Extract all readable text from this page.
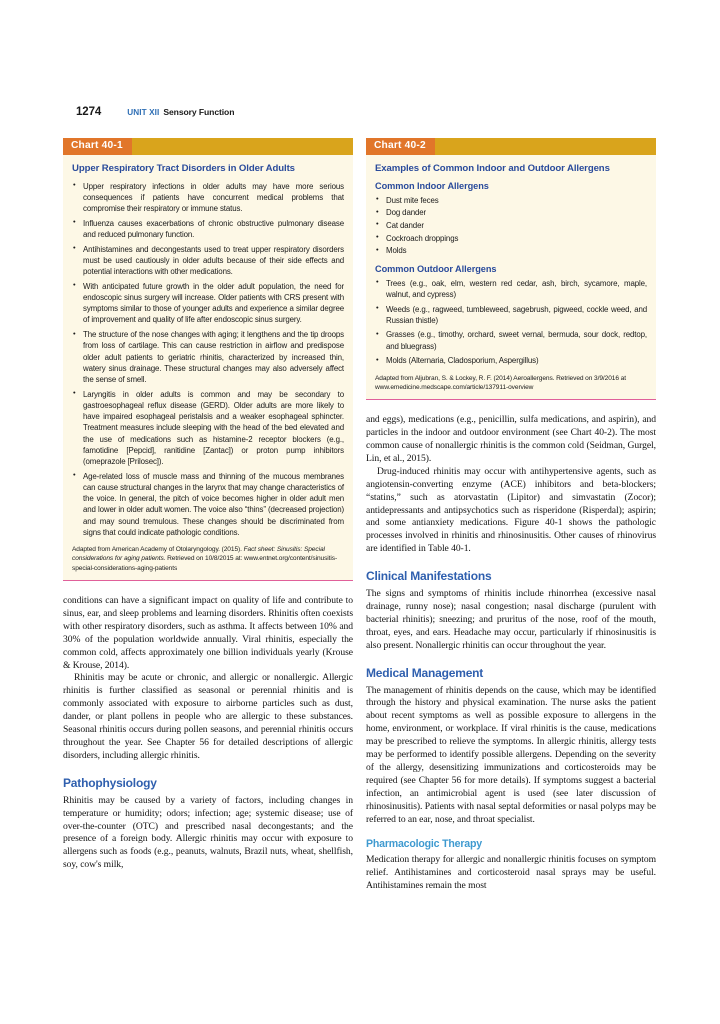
1274	UNIT XII Sensory Function
Chart 40-1
Upper Respiratory Tract Disorders in Older Adults
• Upper respiratory infections in older adults may have more serious consequences if patients have concurrent medical problems that compromise their respiratory or immune status.
• Influenza causes exacerbations of chronic obstructive pulmonary disease and reduced pulmonary function.
• Antihistamines and decongestants used to treat upper respiratory disorders must be used cautiously in older adults because of their side effects and potential interactions with other medications.
• With anticipated future growth in the older adult population, the need for endoscopic sinus surgery will increase. Older patients with CRS present with symptoms similar to those of younger adults and experience a similar degree of improvement and quality of life after endoscopic sinus surgery.
• The structure of the nose changes with aging; it lengthens and the tip droops from loss of cartilage. This can cause restriction in airflow and predispose older adult patients to geriatric rhinitis, characterized by increased thin, watery sinus drainage. These structural changes may also adversely affect the sense of smell.
• Laryngitis in older adults is common and may be secondary to gastroesophageal reflux disease (GERD). Older adults are more likely to have impaired esophageal peristalsis and a weaker esophageal sphincter. Treatment measures include sleeping with the head of the bed elevated and the use of medications such as histamine-2 receptor blockers (e.g., famotidine [Pepcid], ranitidine [Zantac]) or proton pump inhibitors (omeprazole [Prilosec]).
• Age-related loss of muscle mass and thinning of the mucous membranes can cause structural changes in the larynx that may change characteristics of the voice. In general, the pitch of voice becomes higher in older adult men and lower in older adult women. The voice also “thins” (decreased projection) and may sound tremulous. These changes should be discriminated from signs that could indicate pathologic conditions.
Adapted from American Academy of Otolaryngology. (2015). Fact sheet: Sinusitis: Special considerations for aging patients. Retrieved on 10/8/2015 at: www.entnet.org/content/sinusitis-special-considerations-aging-patients

conditions can have a significant impact on quality of life and contribute to sinus, ear, and sleep problems and learning disorders. Rhinitis often coexists with other respiratory disorders, such as asthma. It affects between 10% and 30% of the population worldwide annually. Viral rhinitis, especially the common cold, affects approximately one billion individuals yearly (Krouse & Krouse, 2014).

Rhinitis may be acute or chronic, and allergic or nonallergic. Allergic rhinitis is further classified as seasonal or perennial rhinitis and is commonly associated with exposure to airborne particles such as dust, dander, or plant pollens in people who are allergic to these substances. Seasonal rhinitis occurs during pollen seasons, and perennial rhinitis occurs throughout the year. See Chapter 56 for detailed descriptions of allergic disorders, including allergic rhinitis.

Pathophysiology

Rhinitis may be caused by a variety of factors, including changes in temperature or humidity; odors; infection; age; systemic disease; use of over-the-counter (OTC) and prescribed nasal decongestants; and the presence of a foreign body. Allergic rhinitis may occur with exposure to allergens such as foods (e.g., peanuts, walnuts, Brazil nuts, wheat, shellfish, soy, cow's milk,

Chart 40-2
Examples of Common Indoor and Outdoor Allergens
Common Indoor Allergens
• Dust mite feces
• Dog dander
• Cat dander
• Cockroach droppings
• Molds
Common Outdoor Allergens
• Trees (e.g., oak, elm, western red cedar, ash, birch, sycamore, maple, walnut, and cypress)
• Weeds (e.g., ragweed, tumbleweed, sagebrush, pigweed, cockle weed, and Russian thistle)
• Grasses (e.g., timothy, orchard, sweet vernal, bermuda, sour dock, redtop, and bluegrass)
• Molds (Alternaria, Cladosporium, Aspergillus)
Adapted from Aljubran, S. & Lockey, R. F. (2014) Aeroallergens. Retrieved on 3/9/2016 at www.emedicine.medscape.com/article/137911-overview

and eggs), medications (e.g., penicillin, sulfa medications, and aspirin), and particles in the indoor and outdoor environment (see Chart 40-2). The most common cause of nonallergic rhinitis is the common cold (Seidman, Gurgel, Lin, et al., 2015).

Drug-induced rhinitis may occur with antihypertensive agents, such as angiotensin-converting enzyme (ACE) inhibitors and beta-blockers; “statins,” such as atorvastatin (Lipitor) and simvastatin (Zocor); antidepressants and antipsychotics such as risperidone (Risperdal); aspirin; and some antianxiety medications. Figure 40-1 shows the pathologic processes involved in rhinitis and rhinosinusitis. Other causes of rhinovirus are identified in Table 40-1.

Clinical Manifestations

The signs and symptoms of rhinitis include rhinorrhea (excessive nasal drainage, runny nose); nasal congestion; nasal discharge (purulent with bacterial rhinitis); sneezing; and pruritus of the nose, roof of the mouth, throat, eyes, and ears. Headache may occur, particularly if rhinosinusitis is also present. Nonallergic rhinitis can occur throughout the year.

Medical Management

The management of rhinitis depends on the cause, which may be identified through the history and physical examination. The nurse asks the patient about recent symptoms as well as possible exposure to allergens in the home, environment, or workplace. If viral rhinitis is the cause, medications may be prescribed to relieve the symptoms. In allergic rhinitis, allergy tests may be performed to identify possible allergens. Depending on the severity of the allergy, desensitizing immunizations and corticosteroids may be required (see Chapter 56 for more details). If symptoms suggest a bacterial infection, an antimicrobial agent is used (see later discussion of rhinosinusitis). Patients with nasal septal deformities or nasal polyps may be referred to an ear, nose, and throat specialist.

Pharmacologic Therapy

Medication therapy for allergic and nonallergic rhinitis focuses on symptom relief. Antihistamines and corticosteroid nasal sprays may be useful. Antihistamines remain the most
